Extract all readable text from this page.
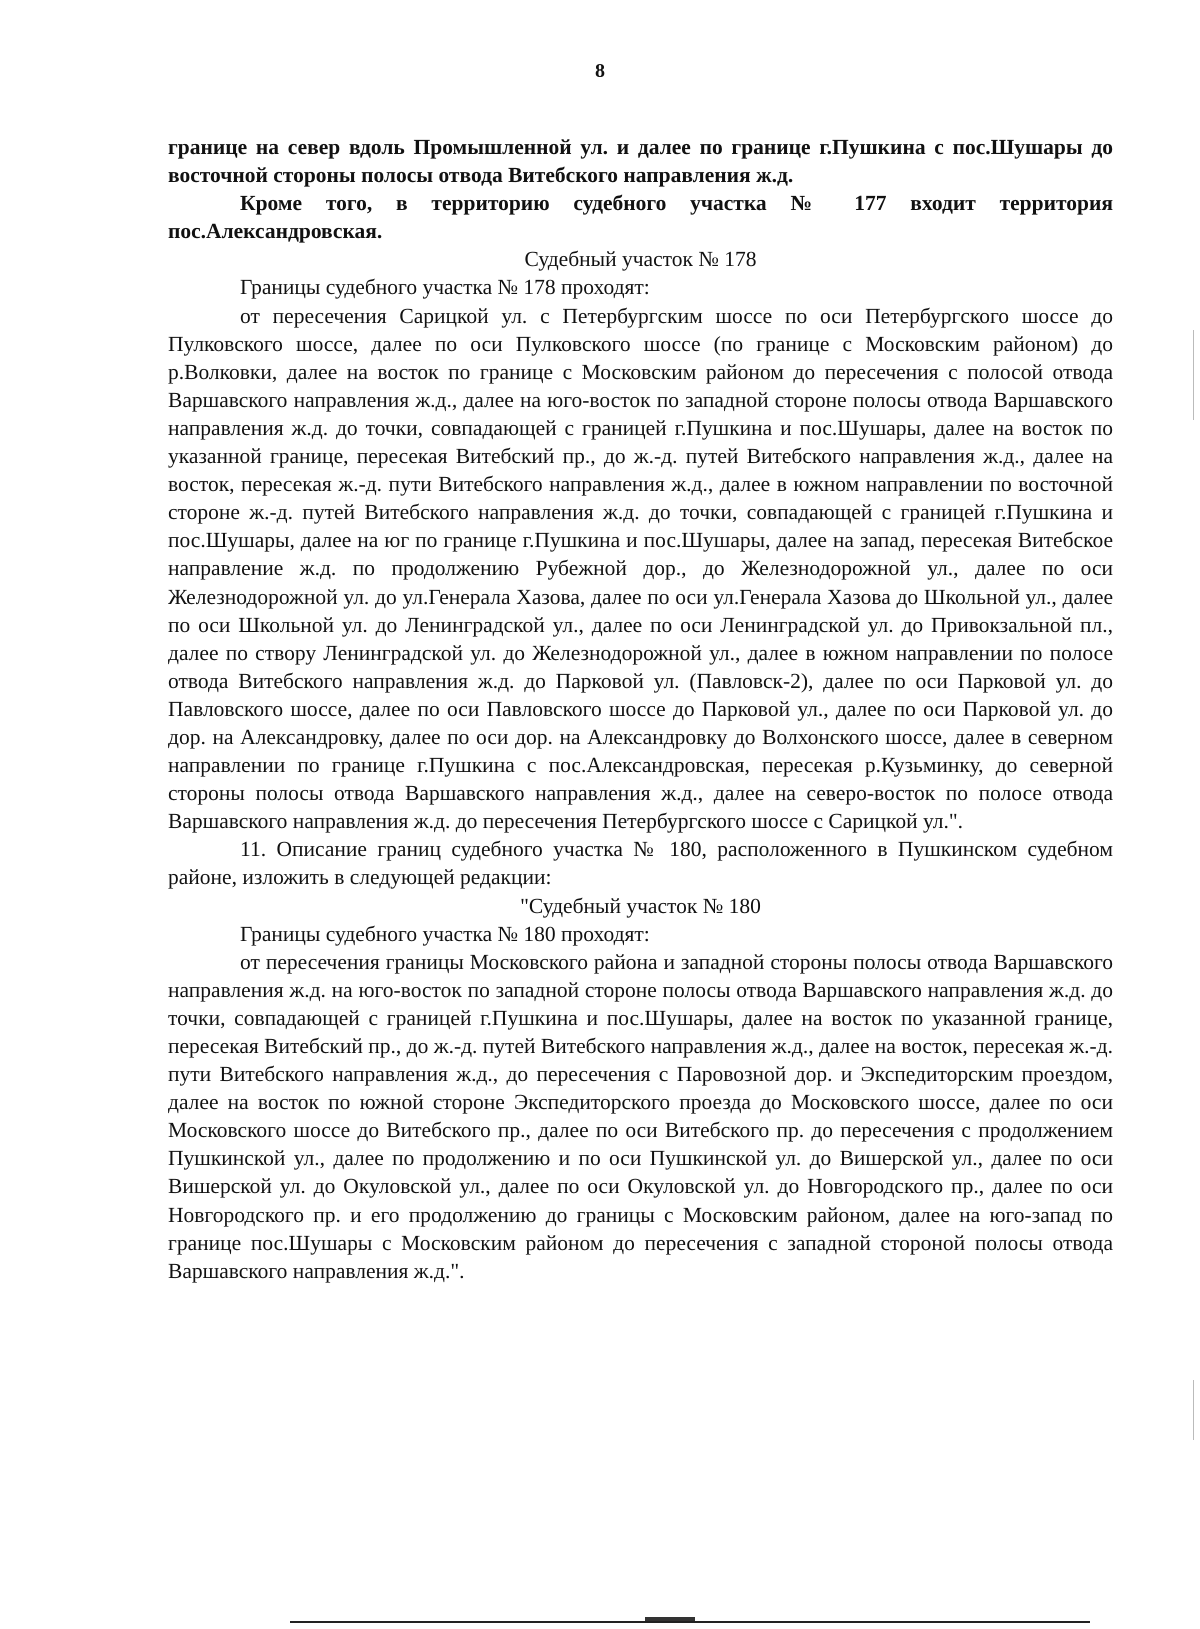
8

границе на север вдоль Промышленной ул. и далее по границе г.Пушкина с пос.Шушары до восточной стороны полосы отвода Витебского направления ж.д.

Кроме того, в территорию судебного участка № 177 входит территория пос.Александровская.

Судебный участок № 178

Границы судебного участка № 178 проходят:

от пересечения Сарицкой ул. с Петербургским шоссе по оси Петербургского шоссе до Пулковского шоссе, далее по оси Пулковского шоссе (по границе с Московским районом) до р.Волковки, далее на восток по границе с Московским районом до пересечения с полосой отвода Варшавского направления ж.д., далее на юго-восток по западной стороне полосы отвода Варшавского направления ж.д. до точки, совпадающей с границей г.Пушкина и пос.Шушары, далее на восток по указанной границе, пересекая Витебский пр., до ж.-д. путей Витебского направления ж.д., далее на восток, пересекая ж.-д. пути Витебского направления ж.д., далее в южном направлении по восточной стороне ж.-д. путей Витебского направления ж.д. до точки, совпадающей с границей г.Пушкина и пос.Шушары, далее на юг по границе г.Пушкина и пос.Шушары, далее на запад, пересекая Витебское направление ж.д. по продолжению Рубежной дор., до Железнодорожной ул., далее по оси Железнодорожной ул. до ул.Генерала Хазова, далее по оси ул.Генерала Хазова до Школьной ул., далее по оси Школьной ул. до Ленинградской ул., далее по оси Ленинградской ул. до Привокзальной пл., далее по створу Ленинградской ул. до Железнодорожной ул., далее в южном направлении по полосе отвода Витебского направления ж.д. до Парковой ул. (Павловск-2), далее по оси Парковой ул. до Павловского шоссе, далее по оси Павловского шоссе до Парковой ул., далее по оси Парковой ул. до дор. на Александровку, далее по оси дор. на Александровку до Волхонского шоссе, далее в северном направлении по границе г.Пушкина с пос.Александровская, пересекая р.Кузьминку, до северной стороны полосы отвода Варшавского направления ж.д., далее на северо-восток по полосе отвода Варшавского направления ж.д. до пересечения Петербургского шоссе с Сарицкой ул.".

11. Описание границ судебного участка № 180, расположенного в Пушкинском судебном районе, изложить в следующей редакции:

"Судебный участок № 180

Границы судебного участка № 180 проходят:

от пересечения границы Московского района и западной стороны полосы отвода Варшавского направления ж.д. на юго-восток по западной стороне полосы отвода Варшавского направления ж.д. до точки, совпадающей с границей г.Пушкина и пос.Шушары, далее на восток по указанной границе, пересекая Витебский пр., до ж.-д. путей Витебского направления ж.д., далее на восток, пересекая ж.-д. пути Витебского направления ж.д., до пересечения с Паровозной дор. и Экспедиторским проездом, далее на восток по южной стороне Экспедиторского проезда до Московского шоссе, далее по оси Московского шоссе до Витебского пр., далее по оси Витебского пр. до пересечения с продолжением Пушкинской ул., далее по продолжению и по оси Пушкинской ул. до Вишерской ул., далее по оси Вишерской ул. до Окуловской ул., далее по оси Окуловской ул. до Новгородского пр., далее по оси Новгородского пр. и его продолжению до границы с Московским районом, далее на юго-запад по границе пос.Шушары с Московским районом до пересечения с западной стороной полосы отвода Варшавского направления ж.д.".
